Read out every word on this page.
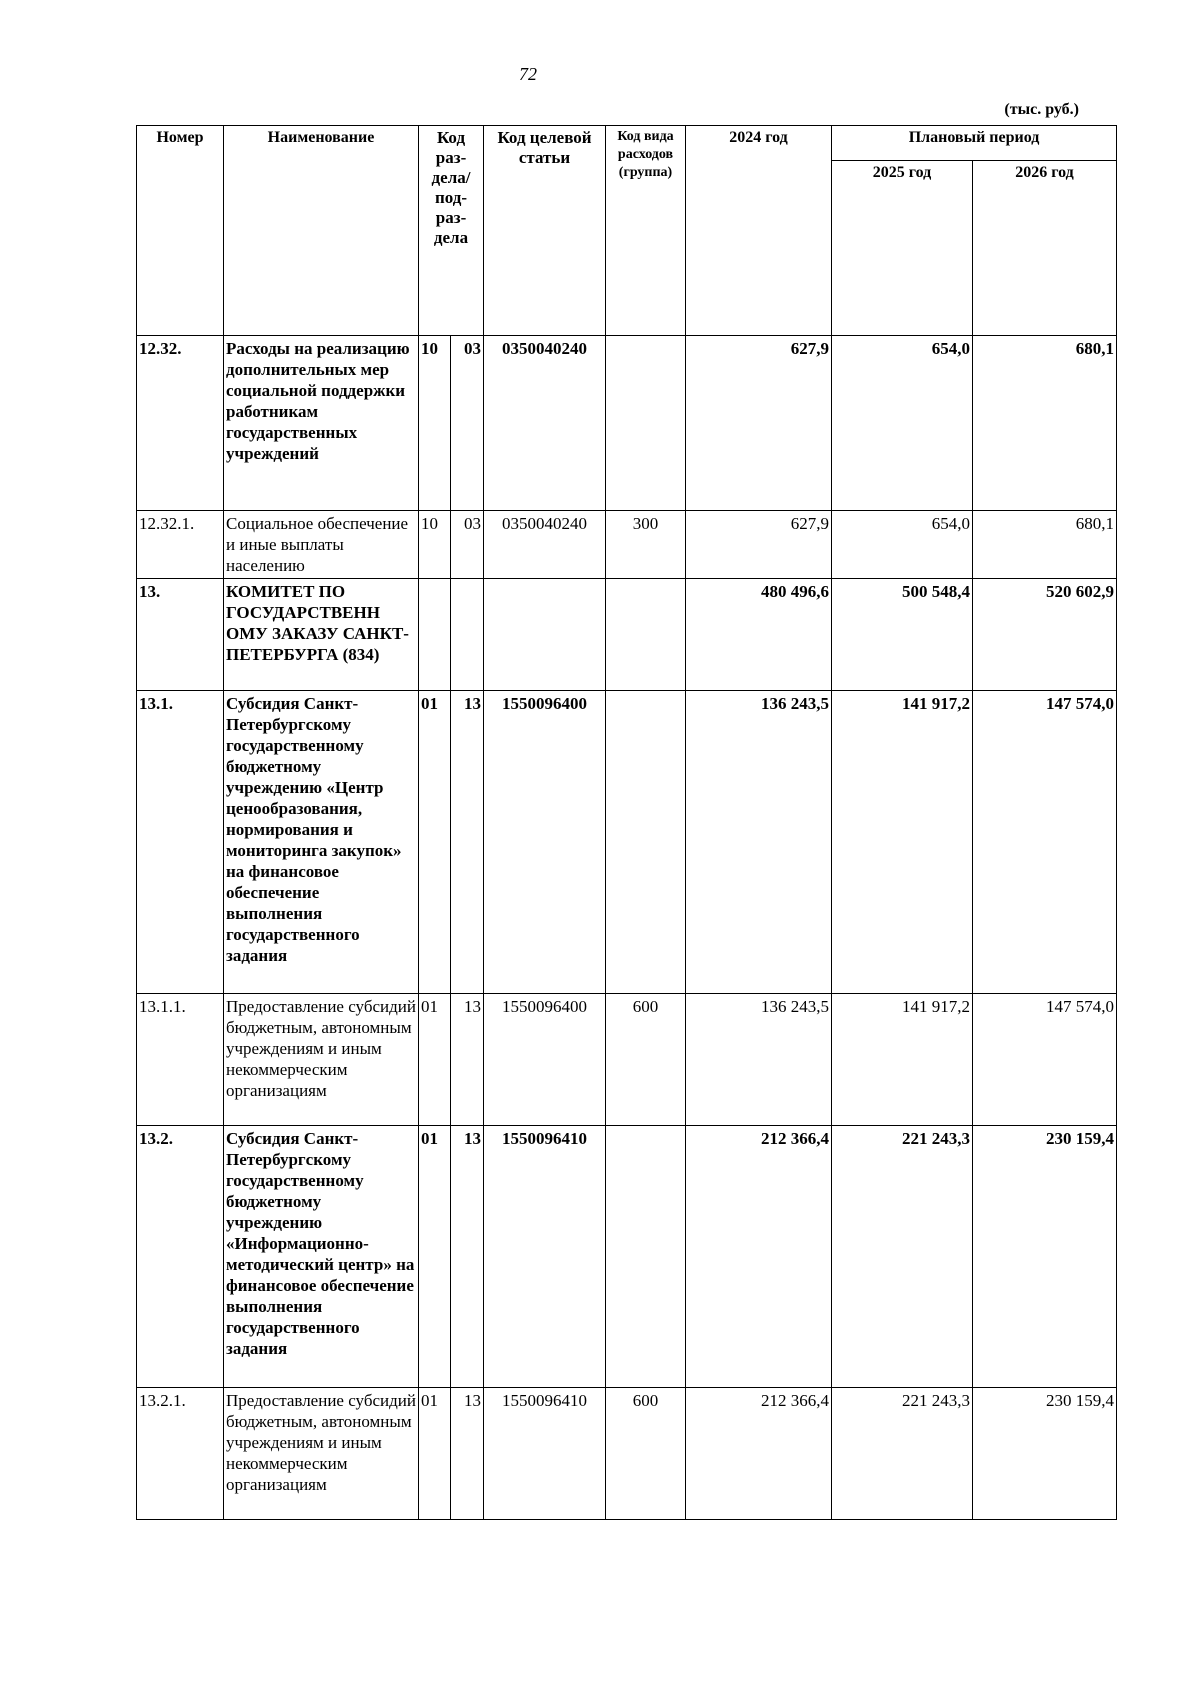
72
(тыс. руб.)
Номер	Наименование	Код раз- дела/ под- раз- дела		Код целевой статьи	Код вида расходов (группа)	2024 год	Плановый период	
							2025 год	2026 год
12.32.	Расходы на реализацию дополнительных мер социальной поддержки работникам государственных учреждений	10	03	0350040240		627,9	654,0	680,1
12.32.1.	Социальное обеспечение и иные выплаты населению	10	03	0350040240	300	627,9	654,0	680,1
13.	КОМИТЕТ ПО ГОСУДАРСТВЕНН ОМУ ЗАКАЗУ САНКТ-ПЕТЕРБУРГА (834)					480 496,6	500 548,4	520 602,9
13.1.	Субсидия Санкт-Петербургскому государственному бюджетному учреждению «Центр ценообразования, нормирования и мониторинга закупок» на финансовое обеспечение выполнения государственного задания	01	13	1550096400		136 243,5	141 917,2	147 574,0
13.1.1.	Предоставление субсидий бюджетным, автономным учреждениям и иным некоммерческим организациям	01	13	1550096400	600	136 243,5	141 917,2	147 574,0
13.2.	Субсидия Санкт-Петербургскому государственному бюджетному учреждению «Информационно-методический центр» на финансовое обеспечение выполнения государственного задания	01	13	1550096410		212 366,4	221 243,3	230 159,4
13.2.1.	Предоставление субсидий бюджетным, автономным учреждениям и иным некоммерческим организациям	01	13	1550096410	600	212 366,4	221 243,3	230 159,4
